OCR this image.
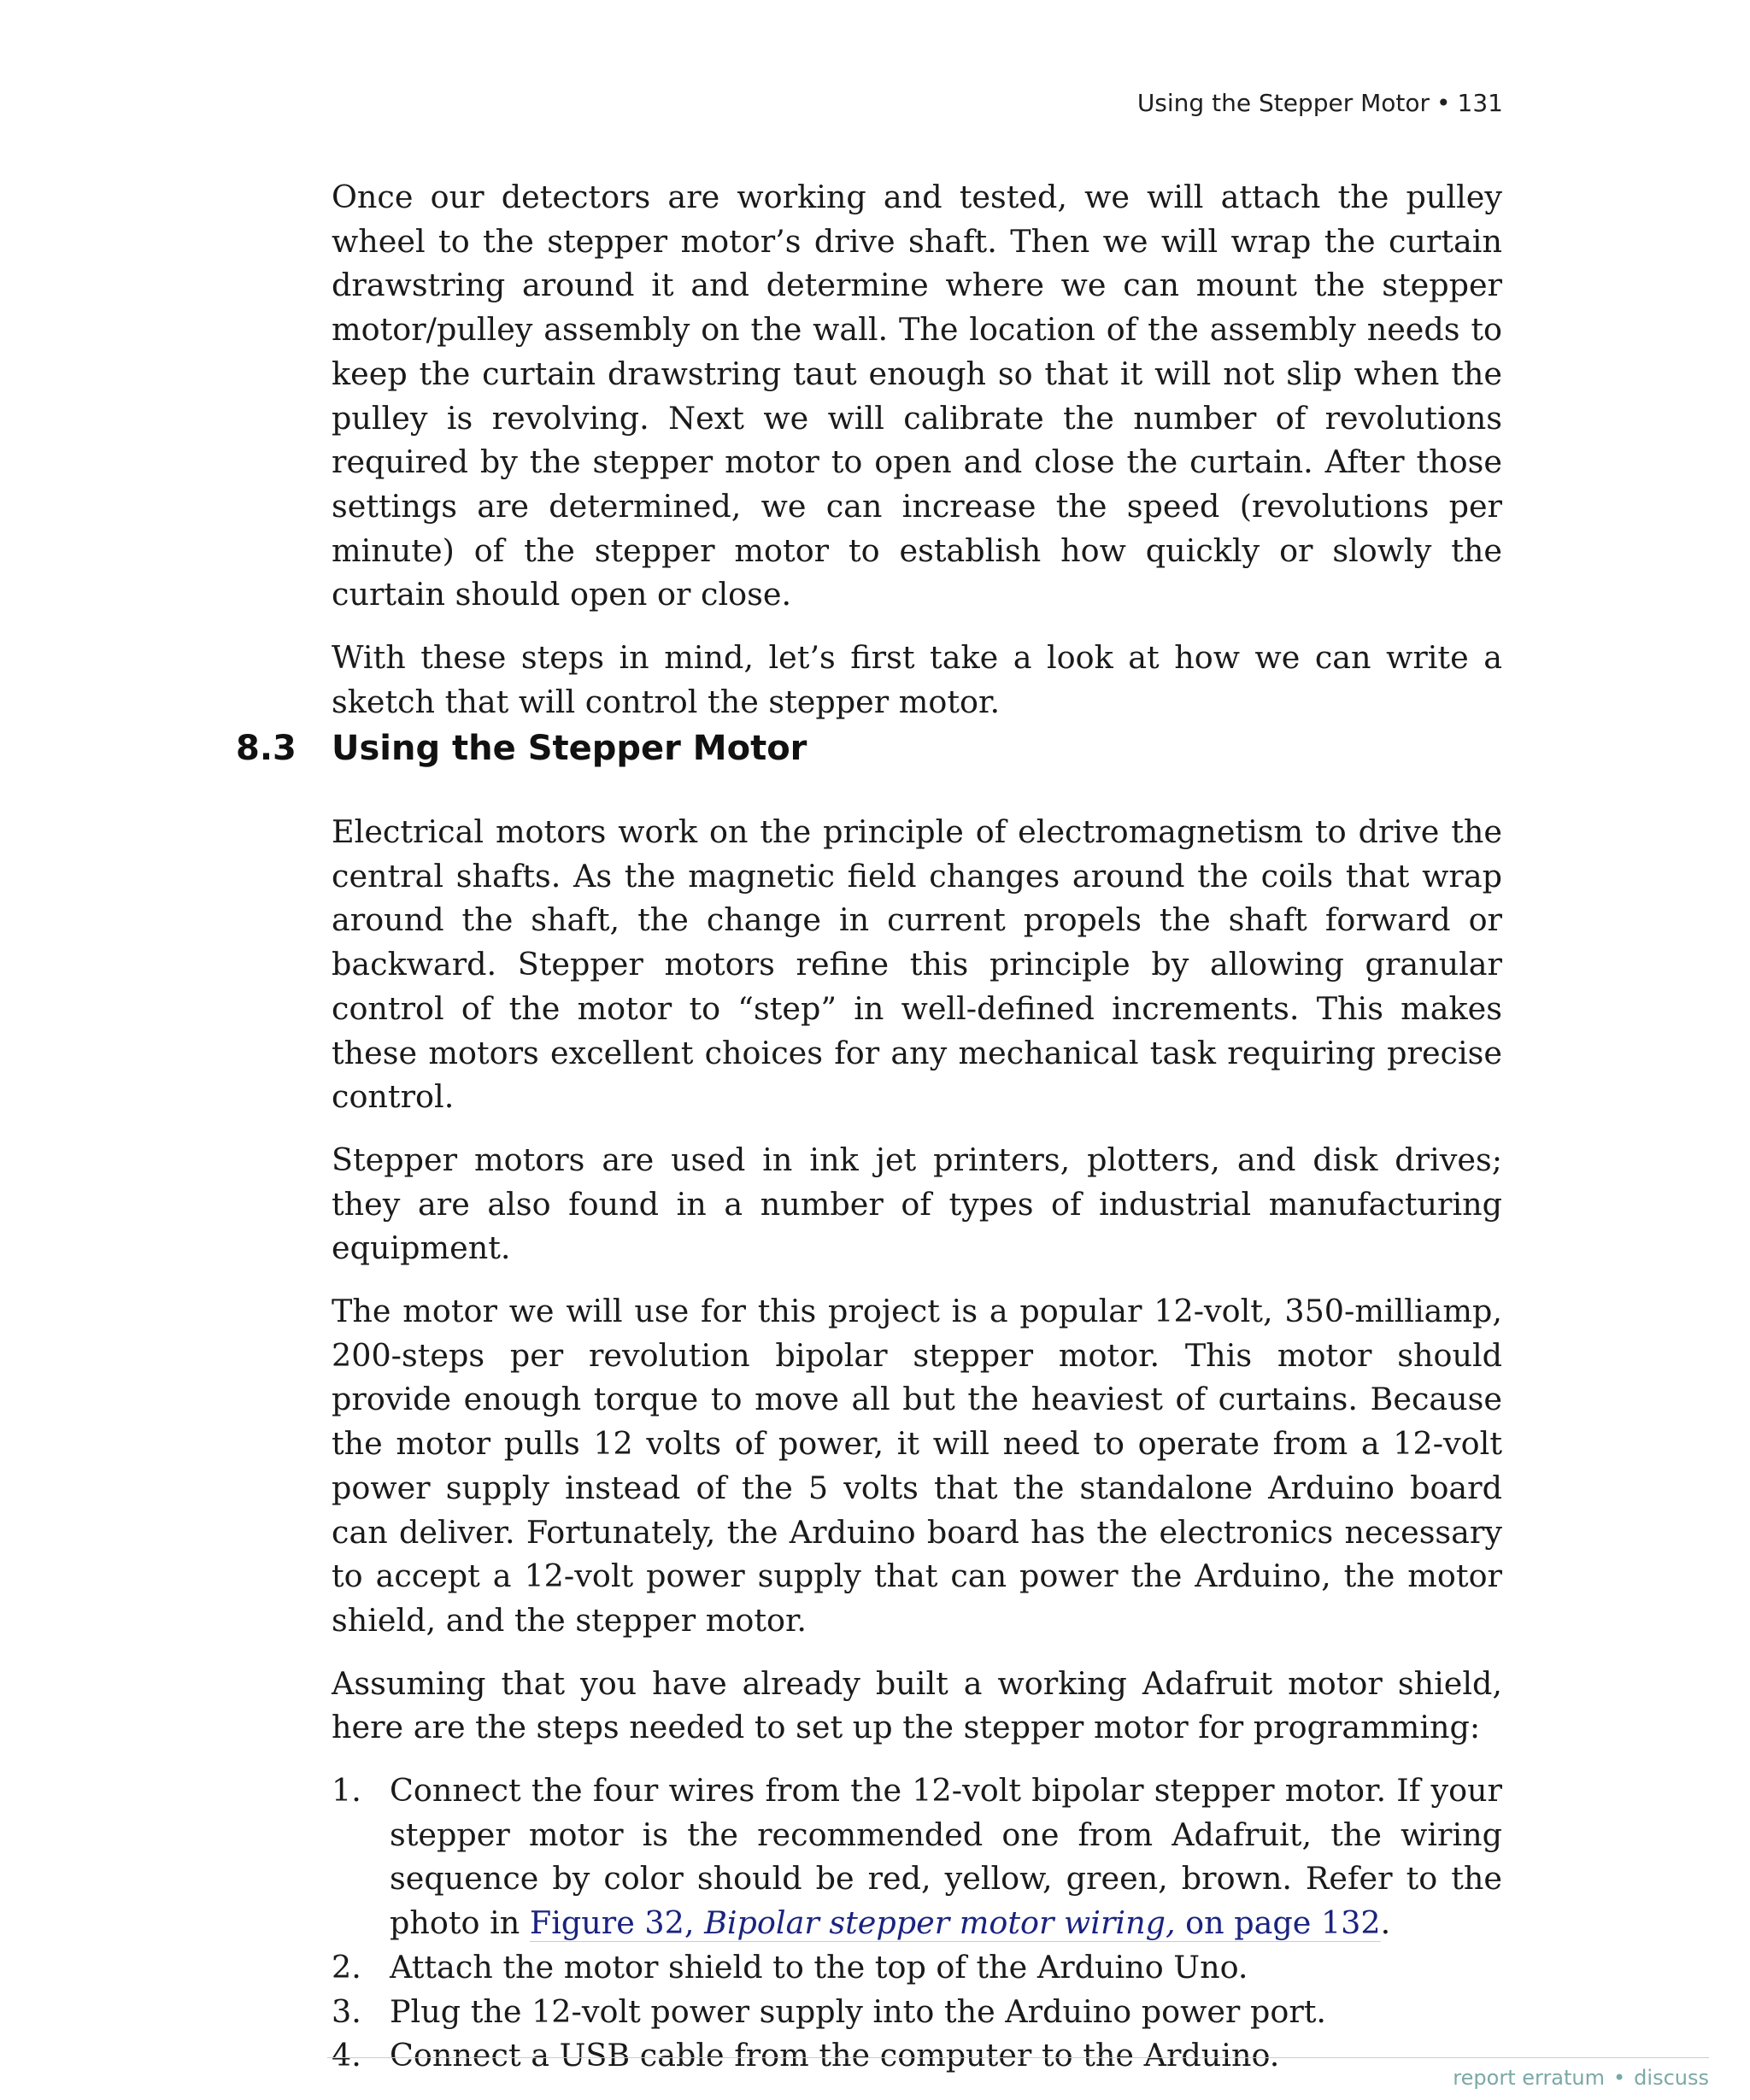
Using the Stepper Motor • 131

Once our detectors are working and tested, we will attach the pulley wheel to the stepper motor’s drive shaft. Then we will wrap the curtain drawstring around it and determine where we can mount the stepper motor/pulley assembly on the wall. The location of the assembly needs to keep the curtain drawstring taut enough so that it will not slip when the pulley is revolving. Next we will calibrate the number of revolutions required by the stepper motor to open and close the curtain. After those settings are determined, we can increase the speed (revolutions per minute) of the stepper motor to establish how quickly or slowly the curtain should open or close.

With these steps in mind, let’s first take a look at how we can write a sketch that will control the stepper motor.

8.3 Using the Stepper Motor

Electrical motors work on the principle of electromagnetism to drive the central shafts. As the magnetic field changes around the coils that wrap around the shaft, the change in current propels the shaft forward or backward. Stepper motors refine this principle by allowing granular control of the motor to “step” in well-defined increments. This makes these motors excellent choices for any mechanical task requiring precise control.

Stepper motors are used in ink jet printers, plotters, and disk drives; they are also found in a number of types of industrial manufacturing equipment.

The motor we will use for this project is a popular 12-volt, 350-milliamp, 200-steps per revolution bipolar stepper motor. This motor should provide enough torque to move all but the heaviest of curtains. Because the motor pulls 12 volts of power, it will need to operate from a 12-volt power supply instead of the 5 volts that the standalone Arduino board can deliver. Fortunately, the Arduino board has the electronics necessary to accept a 12-volt power supply that can power the Arduino, the motor shield, and the stepper motor.

Assuming that you have already built a working Adafruit motor shield, here are the steps needed to set up the stepper motor for programming:

1. Connect the four wires from the 12-volt bipolar stepper motor. If your stepper motor is the recommended one from Adafruit, the wiring sequence by color should be red, yellow, green, brown. Refer to the photo in Figure 32, Bipolar stepper motor wiring, on page 132.
2. Attach the motor shield to the top of the Arduino Uno.
3. Plug the 12-volt power supply into the Arduino power port.
4. Connect a USB cable from the computer to the Arduino.
report erratum • discuss
